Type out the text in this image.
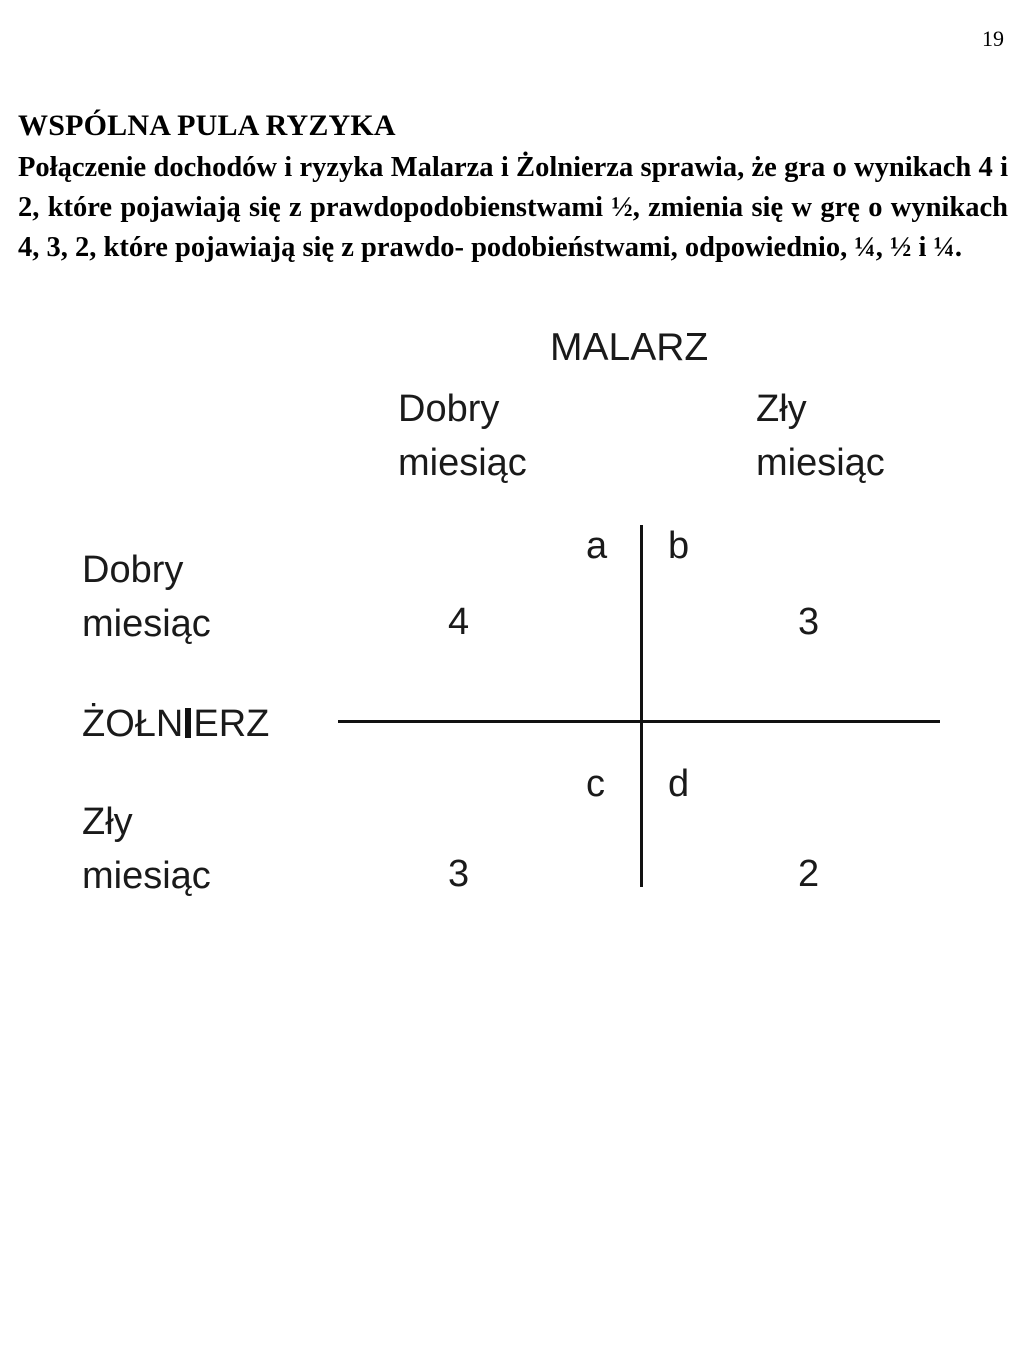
19
WSPÓLNA PULA RYZYKA

Połączenie dochodów i ryzyka Malarza i Żolnierza sprawia, że gra o wynikach 4 i 2, które pojawiają się z prawdopodobienstwami ½, zmienia się w grę o wynikach 4, 3, 2, które pojawiają się z prawdo- podobieństwami, odpowiednio, ¼, ½ i ¼.

MALARZ
Dobry
miesiąc
Zły
miesiąc
Dobry
miesiąc
ŻOŁN ERZ
Zły
miesiąc
a
4
b
3
c
3
d
2
